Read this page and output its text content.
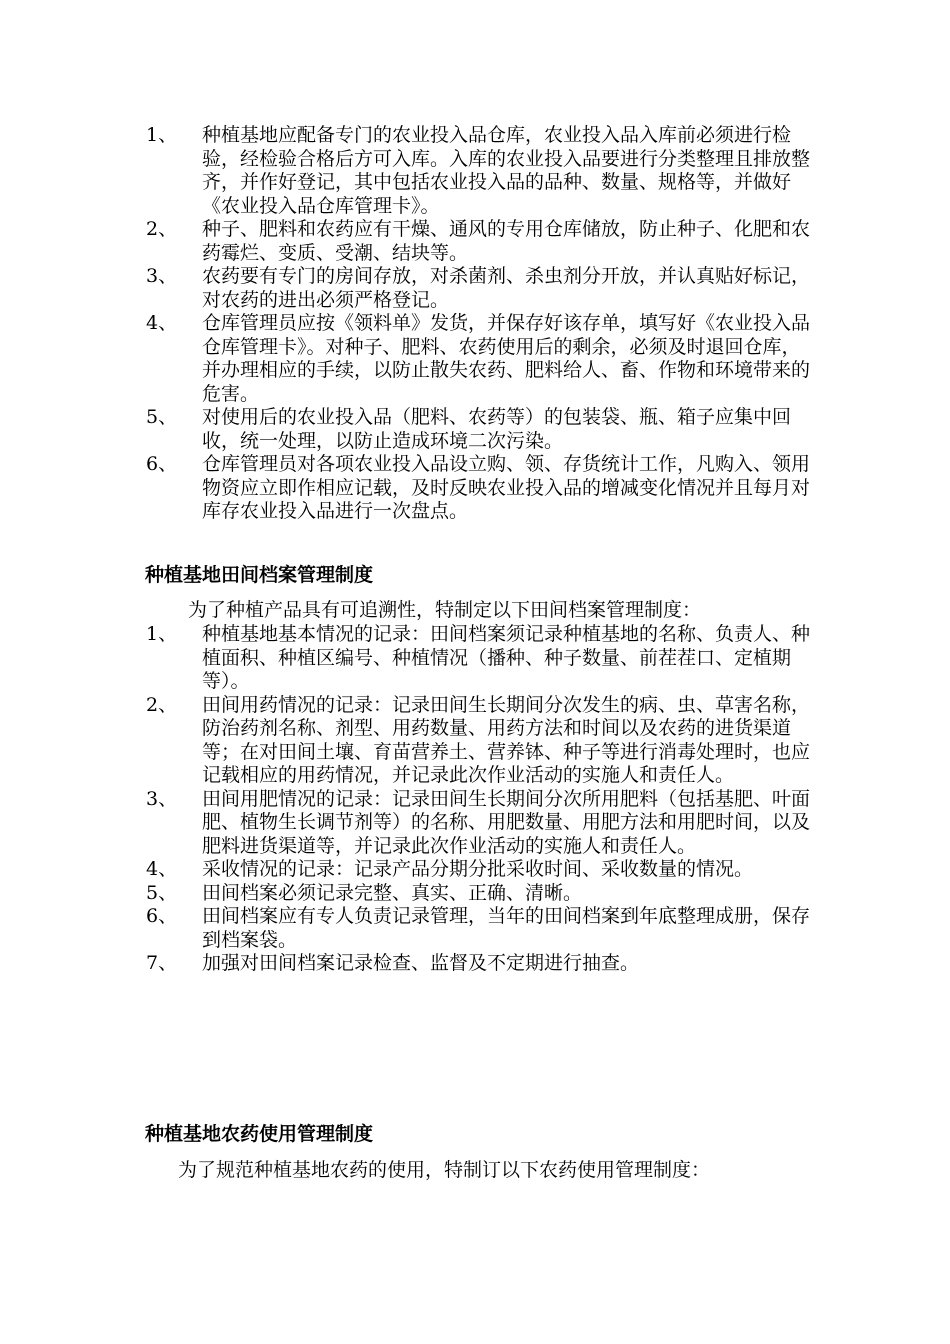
1、 种植基地应配备专门的农业投入品仓库，农业投入品入库前必须进行检验，经检验合格后方可入库。入库的农业投入品要进行分类整理且排放整齐，并作好登记，其中包括农业投入品的品种、数量、规格等，并做好《农业投入品仓库管理卡》。
2、 种子、肥料和农药应有干燥、通风的专用仓库储放，防止种子、化肥和农药霉烂、变质、受潮、结块等。
3、 农药要有专门的房间存放，对杀菌剂、杀虫剂分开放，并认真贴好标记，对农药的进出必须严格登记。
4、 仓库管理员应按《领料单》发货，并保存好该存单，填写好《农业投入品仓库管理卡》。对种子、肥料、农药使用后的剩余，必须及时退回仓库，并办理相应的手续，以防止散失农药、肥料给人、畜、作物和环境带来的危害。
5、 对使用后的农业投入品（肥料、农药等）的包装袋、瓶、箱子应集中回收，统一处理，以防止造成环境二次污染。
6、 仓库管理员对各项农业投入品设立购、领、存货统计工作，凡购入、领用物资应立即作相应记载，及时反映农业投入品的增减变化情况并且每月对库存农业投入品进行一次盘点。
种植基地田间档案管理制度
为了种植产品具有可追溯性，特制定以下田间档案管理制度：
1、 种植基地基本情况的记录：田间档案须记录种植基地的名称、负责人、种植面积、种植区编号、种植情况（播种、种子数量、前茬茬口、定植期等）。
2、 田间用药情况的记录：记录田间生长期间分次发生的病、虫、草害名称，防治药剂名称、剂型、用药数量、用药方法和时间以及农药的进货渠道等；在对田间土壤、育苗营养土、营养钵、种子等进行消毒处理时，也应记载相应的用药情况，并记录此次作业活动的实施人和责任人。
3、 田间用肥情况的记录：记录田间生长期间分次所用肥料（包括基肥、叶面肥、植物生长调节剂等）的名称、用肥数量、用肥方法和用肥时间，以及肥料进货渠道等，并记录此次作业活动的实施人和责任人。
4、 采收情况的记录：记录产品分期分批采收时间、采收数量的情况。
5、 田间档案必须记录完整、真实、正确、清晰。
6、 田间档案应有专人负责记录管理，当年的田间档案到年底整理成册，保存到档案袋。
7、 加强对田间档案记录检查、监督及不定期进行抽查。
种植基地农药使用管理制度
为了规范种植基地农药的使用，特制订以下农药使用管理制度：
